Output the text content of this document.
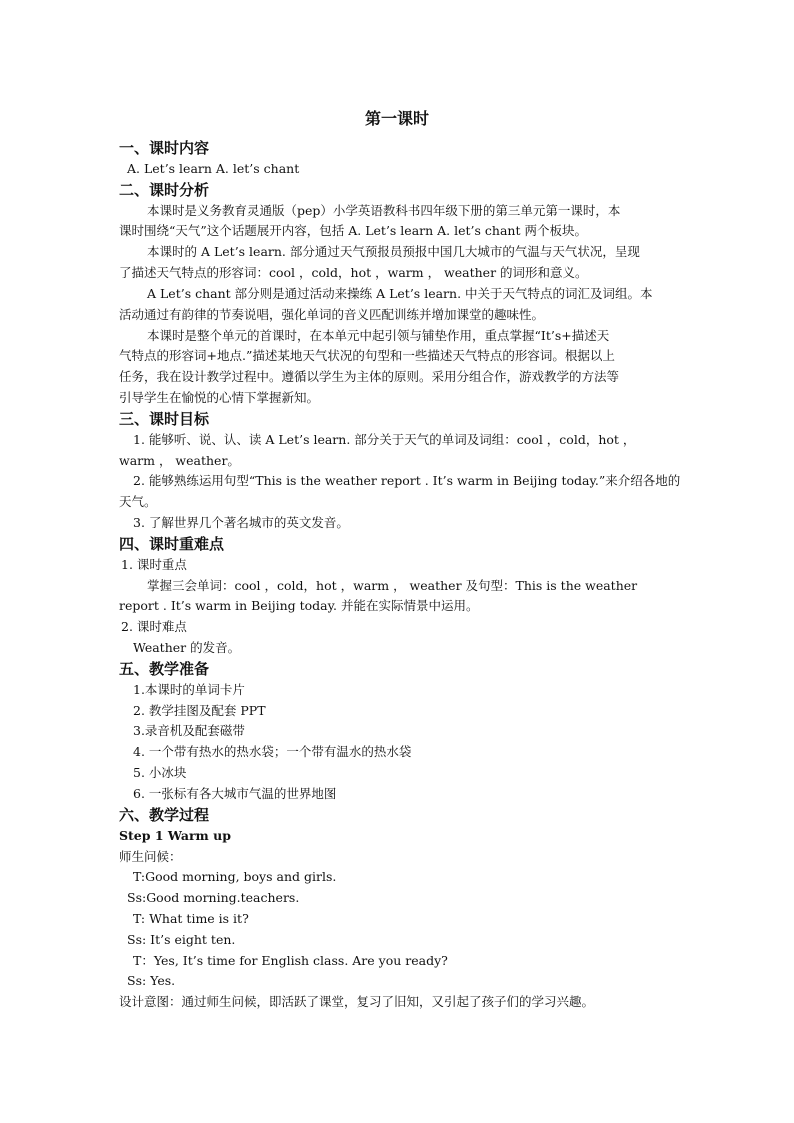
第一课时
一、课时内容
A. Let’s learn A. let’s chant
二、课时分析
本课时是义务教育灵通版（pep）小学英语教科书四年级下册的第三单元第一课时，本
课时围绕“天气”这个话题展开内容，包括 A. Let’s learn A. let’s chant 两个板块。
本课时的 A Let’s learn. 部分通过天气预报员预报中国几大城市的气温与天气状况，呈现
了描述天气特点的形容词：cool ，cold，hot ，warm ， weather 的词形和意义。
A Let’s chant 部分则是通过活动来操练 A Let’s learn. 中关于天气特点的词汇及词组。本
活动通过有韵律的节奏说唱，强化单词的音义匹配训练并增加课堂的趣味性。
本课时是整个单元的首课时，在本单元中起引领与铺垫作用，重点掌握“It’s+描述天
气特点的形容词+地点.”描述某地天气状况的句型和一些描述天气特点的形容词。根据以上
任务，我在设计教学过程中。遵循以学生为主体的原则。采用分组合作，游戏教学的方法等
引导学生在愉悦的心情下掌握新知。
三、课时目标
1. 能够听、说、认、读 A Let’s learn. 部分关于天气的单词及词组：cool ，cold，hot ，
warm ， weather。
2. 能够熟练运用句型“This is the weather report . It’s warm in Beijing today.”来介绍各地的
天气。
3. 了解世界几个著名城市的英文发音。
四、课时重难点
1. 课时重点
掌握三会单词：cool ，cold，hot ，warm ， weather 及句型：This is the weather
report . It’s warm in Beijing today. 并能在实际情景中运用。
2. 课时难点
Weather 的发音。
五、教学准备
1.本课时的单词卡片
2. 教学挂图及配套 PPT
3.录音机及配套磁带
4. 一个带有热水的热水袋；一个带有温水的热水袋
5. 小冰块
6. 一张标有各大城市气温的世界地图
六、教学过程
Step 1 Warm up
师生问候：
T:Good morning, boys and girls.
Ss:Good morning.teachers.
T: What time is it?
Ss: It’s eight ten.
T：Yes, It’s time for English class. Are you ready?
Ss: Yes.
设计意图：通过师生问候，即活跃了课堂，复习了旧知，又引起了孩子们的学习兴趣。
